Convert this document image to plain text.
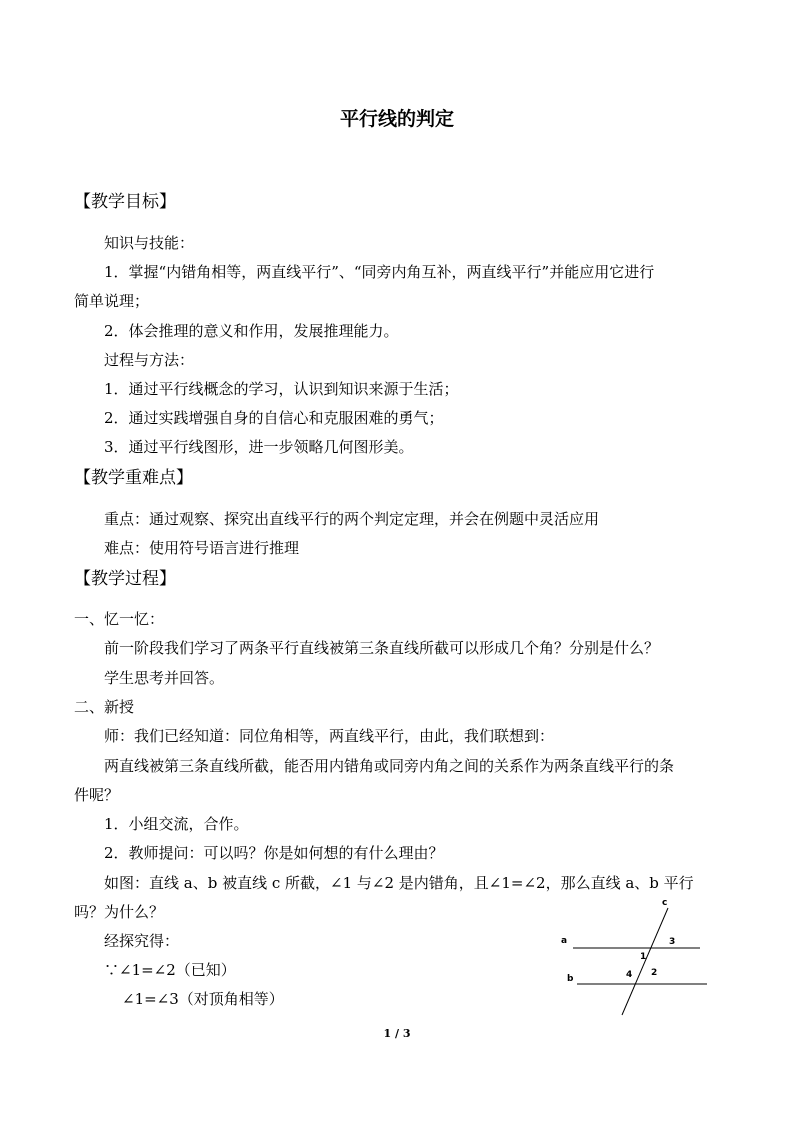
平行线的判定
【教学目标】
知识与技能：
1．掌握“内错角相等，两直线平行”、“同旁内角互补，两直线平行”并能应用它进行
简单说理；
2．体会推理的意义和作用，发展推理能力。
过程与方法：
1．通过平行线概念的学习，认识到知识来源于生活；
2．通过实践增强自身的自信心和克服困难的勇气；
3．通过平行线图形，进一步领略几何图形美。
【教学重难点】
重点：通过观察、探究出直线平行的两个判定定理，并会在例题中灵活应用
难点：使用符号语言进行推理
【教学过程】
一、忆一忆：
前一阶段我们学习了两条平行直线被第三条直线所截可以形成几个角？分别是什么？
学生思考并回答。
二、新授
师：我们已经知道：同位角相等，两直线平行，由此，我们联想到：
两直线被第三条直线所截，能否用内错角或同旁内角之间的关系作为两条直线平行的条
件呢？
1．小组交流，合作。
2．教师提问：可以吗？你是如何想的有什么理由？
如图：直线 a、b 被直线 c 所截，∠1 与∠2 是内错角，且∠1=∠2，那么直线 a、b 平行
吗？为什么？
经探究得：
∵∠1=∠2（已知）
∠1=∠3（对顶角相等）
c
a
b
1
2
3
4
1 / 3
